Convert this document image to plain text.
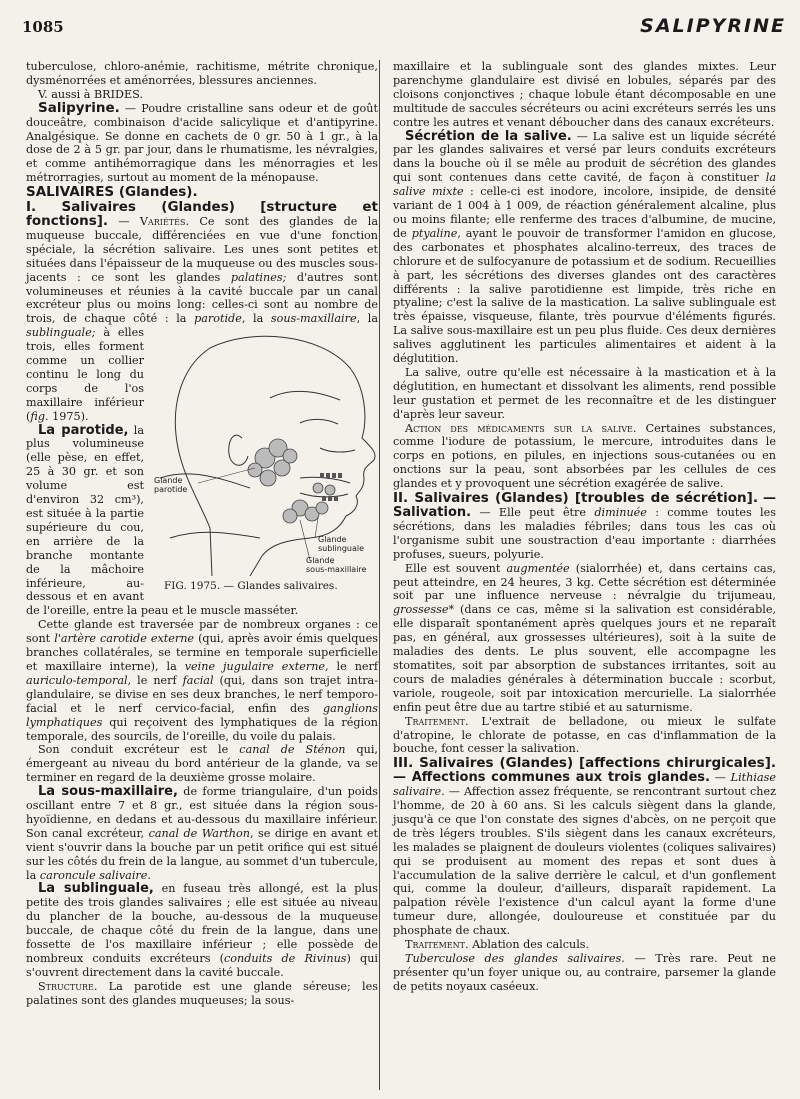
1085	SALIPYRINE

tuberculose, chloro-anémie, rachitisme, métrite chronique, dysménorrées et aménorrées, blessures anciennes.

V. aussi à BRIDES.

Salipyrine. — Poudre cristalline sans odeur et de goût douceâtre, combinaison d'acide salicylique et d'antipyrine. Analgésique. Se donne en cachets de 0 gr. 50 à 1 gr., à la dose de 2 à 5 gr. par jour, dans le rhumatisme, les névralgies, et comme antihémorragique dans les ménorragies et les métrorragies, surtout au moment de la ménopause.

SALIVAIRES (Glandes).

I. Salivaires (Glandes) [structure et fonctions]. — Variétés. Ce sont des glandes de la muqueuse buccale, différenciées en vue d'une fonction spéciale, la sécrétion salivaire. Les unes sont petites et situées dans l'épaisseur de la muqueuse ou des muscles sous-jacents : ce sont les glandes palatines; d'autres sont volumineuses et réunies à la cavité buccale par un canal excréteur plus ou moins long: celles-ci sont au nombre de trois, de chaque côté : la
Glande
parotide
Glande
sublinguale
Glande
sous-maxillaire
FIG. 1975. — Glandes salivaires.
parotide, la sous-maxillaire, la sublinguale; à elles trois, elles forment comme un collier continu le long du corps de l'os maxillaire inférieur (fig. 1975).

La parotide, la plus volumineuse (elle pèse, en effet, 25 à 30 gr. et son volume est d'environ 32 cm³), est située à la partie supérieure du cou, en arrière de la branche montante de la mâchoire inférieure, au-dessous et en avant de l'oreille, entre la peau et le muscle masséter.

Cette glande est traversée par de nombreux organes : ce sont l'artère carotide externe (qui, après avoir émis quelques branches collatérales, se termine en temporale superficielle et maxillaire interne), la veine jugulaire externe, le nerf auriculo-temporal, le nerf facial (qui, dans son trajet intra-glandulaire, se divise en ses deux branches, le nerf temporo-facial et le nerf cervico-facial, enfin des ganglions lymphatiques qui reçoivent des lymphatiques de la région temporale, des sourcils, de l'oreille, du voile du palais.

Son conduit excréteur est le canal de Sténon qui, émergeant au niveau du bord antérieur de la glande, va se terminer en regard de la deuxième grosse molaire.

La sous-maxillaire, de forme triangulaire, d'un poids oscillant entre 7 et 8 gr., est située dans la région sous-hyoïdienne, en dedans et au-dessous du maxillaire inférieur. Son canal excréteur, canal de Warthon, se dirige en avant et vient s'ouvrir dans la bouche par un petit orifice qui est situé sur les côtés du frein de la langue, au sommet d'un tubercule, la caroncule salivaire.

La sublinguale, en fuseau très allongé, est la plus petite des trois glandes salivaires ; elle est située au niveau du plancher de la bouche, au-dessous de la muqueuse buccale, de chaque côté du frein de la langue, dans une fossette de l'os maxillaire inférieur ; elle possède de nombreux conduits excréteurs (conduits de Rivinus) qui s'ouvrent directement dans la cavité buccale.

Structure. La parotide est une glande séreuse; les palatines sont des glandes muqueuses; la sous-

maxillaire et la sublinguale sont des glandes mixtes. Leur parenchyme glandulaire est divisé en lobules, séparés par des cloisons conjonctives ; chaque lobule étant décomposable en une multitude de saccules sécréteurs ou acini excréteurs serrés les uns contre les autres et venant déboucher dans des canaux excréteurs.

Sécrétion de la salive. — La salive est un liquide sécrété par les glandes salivaires et versé par leurs conduits excréteurs dans la bouche où il se mêle au produit de sécrétion des glandes qui sont contenues dans cette cavité, de façon à constituer la salive mixte : celle-ci est inodore, incolore, insipide, de densité variant de 1 004 à 1 009, de réaction généralement alcaline, plus ou moins filante; elle renferme des traces d'albumine, de mucine, de ptyaline, ayant le pouvoir de transformer l'amidon en glucose, des carbonates et phosphates alcalino-terreux, des traces de chlorure et de sulfocyanure de potassium et de sodium. Recueillies à part, les sécrétions des diverses glandes ont des caractères différents : la salive parotidienne est limpide, très riche en ptyaline; c'est la salive de la mastication. La salive sublinguale est très épaisse, visqueuse, filante, très pourvue d'éléments figurés. La salive sous-maxillaire est un peu plus fluide. Ces deux dernières salives agglutinent les particules alimentaires et aident à la déglutition.

La salive, outre qu'elle est nécessaire à la mastication et à la déglutition, en humectant et dissolvant les aliments, rend possible leur gustation et permet de les reconnaître et de les distinguer d'après leur saveur.

Action des médicaments sur la salive. Certaines substances, comme l'iodure de potassium, le mercure, introduites dans le corps en potions, en pilules, en injections sous-cutanées ou en onctions sur la peau, sont absorbées par les cellules de ces glandes et y provoquent une sécrétion exagérée de salive.

II. Salivaires (Glandes) [troubles de sécrétion]. — Salivation. — Elle peut être diminuée : comme toutes les sécrétions, dans les maladies fébriles; dans tous les cas où l'organisme subit une soustraction d'eau importante : diarrhées profuses, sueurs, polyurie.

Elle est souvent augmentée (sialorrhée) et, dans certains cas, peut atteindre, en 24 heures, 3 kg. Cette sécrétion est déterminée soit par une influence nerveuse : névralgie du trijumeau, grossesse* (dans ce cas, même si la salivation est considérable, elle disparaît spontanément après quelques jours et ne reparaît pas, en général, aux grossesses ultérieures), soit à la suite de maladies des dents. Le plus souvent, elle accompagne les stomatites, soit par absorption de substances irritantes, soit au cours de maladies générales à détermination buccale : scorbut, variole, rougeole, soit par intoxication mercurielle. La sialorrhée enfin peut être due au tartre stibié et au saturnisme.

Traitement. L'extrait de belladone, ou mieux le sulfate d'atropine, le chlorate de potasse, en cas d'inflammation de la bouche, font cesser la salivation.

III. Salivaires (Glandes) [affections chirurgicales]. — Affections communes aux trois glandes. — Lithiase salivaire. — Affection assez fréquente, se rencontrant surtout chez l'homme, de 20 à 60 ans. Si les calculs siègent dans la glande, jusqu'à ce que l'on constate des signes d'abcès, on ne perçoit que de très légers troubles. S'ils siègent dans les canaux excréteurs, les malades se plaignent de douleurs violentes (coliques salivaires) qui se produisent au moment des repas et sont dues à l'accumulation de la salive derrière le calcul, et d'un gonflement qui, comme la douleur, d'ailleurs, disparaît rapidement. La palpation révèle l'existence d'un calcul ayant la forme d'une tumeur dure, allongée, douloureuse et constituée par du phosphate de chaux.

Traitement. Ablation des calculs.

Tuberculose des glandes salivaires. — Très rare. Peut ne présenter qu'un foyer unique ou, au contraire, parsemer la glande de petits noyaux caséeux.
